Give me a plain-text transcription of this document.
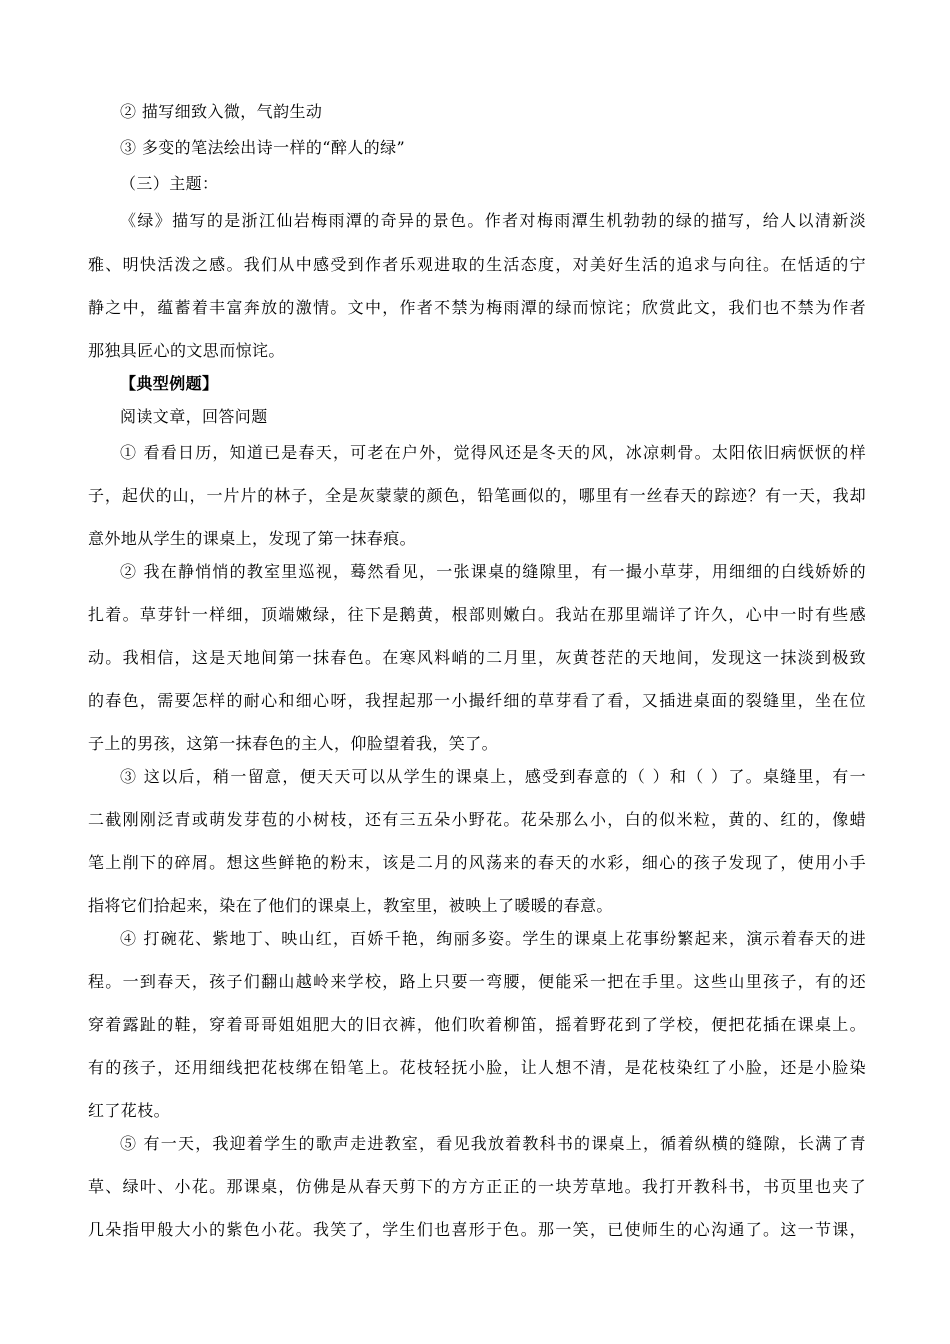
② 描写细致入微，气韵生动
③ 多变的笔法绘出诗一样的“醉人的绿”
（三）主题：
《绿》描写的是浙江仙岩梅雨潭的奇异的景色。作者对梅雨潭生机勃勃的绿的描写，给人以清新淡
雅、明快活泼之感。我们从中感受到作者乐观进取的生活态度，对美好生活的追求与向往。在恬适的宁
静之中，蕴蓄着丰富奔放的激情。文中，作者不禁为梅雨潭的绿而惊诧；欣赏此文，我们也不禁为作者
那独具匠心的文思而惊诧。
【典型例题】
阅读文章，回答问题
① 看看日历，知道已是春天，可老在户外，觉得风还是冬天的风，冰凉刺骨。太阳依旧病恹恹的样
子，起伏的山，一片片的林子，全是灰蒙蒙的颜色，铅笔画似的，哪里有一丝春天的踪迹？有一天，我却
意外地从学生的课桌上，发现了第一抹春痕。
② 我在静悄悄的教室里巡视，蓦然看见，一张课桌的缝隙里，有一撮小草芽，用细细的白线娇娇的
扎着。草芽针一样细，顶端嫩绿，往下是鹅黄，根部则嫩白。我站在那里端详了许久，心中一时有些感
动。我相信，这是天地间第一抹春色。在寒风料峭的二月里，灰黄苍茫的天地间，发现这一抹淡到极致
的春色，需要怎样的耐心和细心呀，我捏起那一小撮纤细的草芽看了看，又插进桌面的裂缝里，坐在位
子上的男孩，这第一抹春色的主人，仰脸望着我，笑了。
③ 这以后，稍一留意，便天天可以从学生的课桌上，感受到春意的（ ）和（ ）了。桌缝里，有一
二截刚刚泛青或萌发芽苞的小树枝，还有三五朵小野花。花朵那么小，白的似米粒，黄的、红的，像蜡
笔上削下的碎屑。想这些鲜艳的粉末，该是二月的风荡来的春天的水彩，细心的孩子发现了，使用小手
指将它们拾起来，染在了他们的课桌上，教室里，被映上了暖暖的春意。
④ 打碗花、紫地丁、映山红，百娇千艳，绚丽多姿。学生的课桌上花事纷繁起来，演示着春天的进
程。一到春天，孩子们翻山越岭来学校，路上只要一弯腰，便能采一把在手里。这些山里孩子，有的还
穿着露趾的鞋，穿着哥哥姐姐肥大的旧衣裤，他们吹着柳笛，摇着野花到了学校，便把花插在课桌上。
有的孩子，还用细线把花枝绑在铅笔上。花枝轻抚小脸，让人想不清，是花枝染红了小脸，还是小脸染
红了花枝。
⑤ 有一天，我迎着学生的歌声走进教室，看见我放着教科书的课桌上，循着纵横的缝隙，长满了青
草、绿叶、小花。那课桌，仿佛是从春天剪下的方方正正的一块芳草地。我打开教科书，书页里也夹了
几朵指甲般大小的紫色小花。我笑了，学生们也喜形于色。那一笑，已使师生的心沟通了。这一节课，
